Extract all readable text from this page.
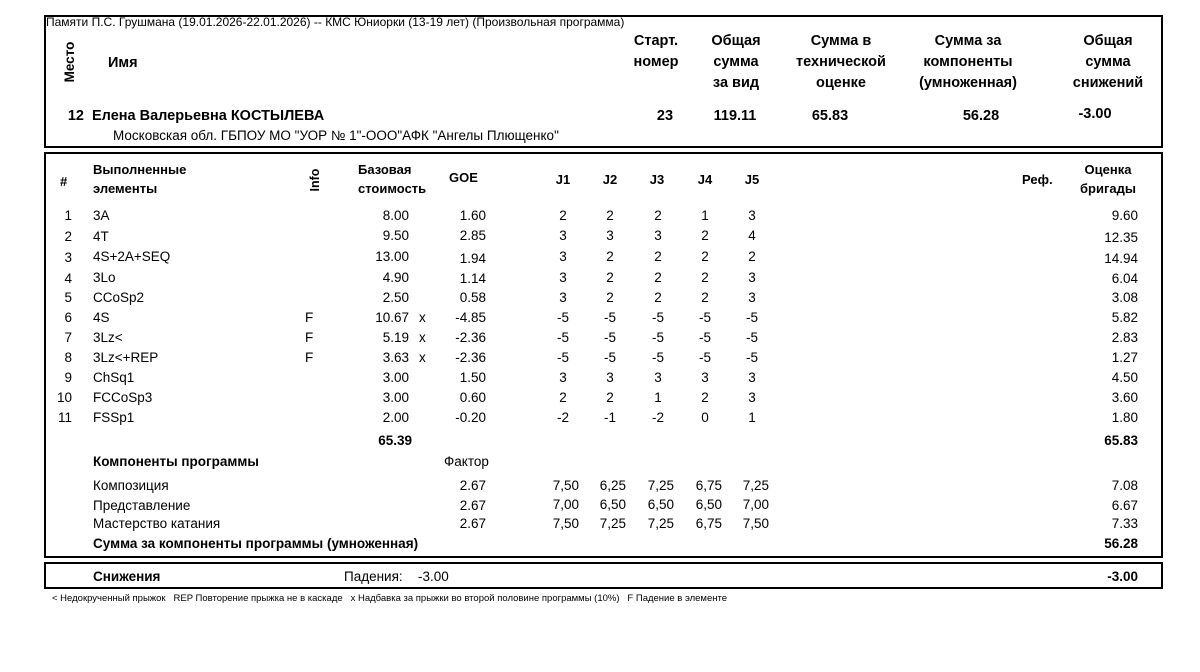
Памяти П.С. Грушмана (19.01.2026-22.01.2026) -- КМС Юниорки (13-19 лет) (Произвольная программа)
Место	Имя
Старт.
номер
Общая
сумма
за вид
Сумма в
технической
оценке
Сумма за
компоненты
(умноженная)
Общая
сумма
снижений
12 Елена Валерьевна КОСТЫЛЕВА
Московская обл. ГБПОУ МО "УОР № 1"-ООО"АФК "Ангелы Плющенко"
23	119.11	65.83	56.28	-3.00
#
Выполненные
элементы	Info	Базовая
стоимость
GOE	J1	J2	J3	J4	J5	Реф.
Оценка
бригады
1 3A	8.00	1.60	2	2	2	1	3	9.60
2 4T	9.50	2.85	3	3	3	2	4	12.35
3 4S+2A+SEQ	13.00	1.94	3	2	2	2	2	14.94
4 3Lo	4.90	1.14	3	2	2	2	3	6.04
5 CCoSp2	2.50	0.58	3	2	2	2	3	3.08
6 4S	F	10.67 x	-4.85	-5	-5	-5	-5	-5	5.82
7 3Lz<	F	5.19 x	-2.36	-5	-5	-5	-5	-5	2.83
8 3Lz<+REP	F	3.63 x	-2.36	-5	-5	-5	-5	-5	1.27
9 ChSq1	3.00	1.50	3	3	3	3	3	4.50
10 FCCoSp3	3.00	0.60	2	2	1	2	3	3.60
11 FSSp1	2.00	-0.20	-2	-1	-2	0	1	1.80
65.39	65.83
Компоненты программы	Фактор
Композиция	2.67	7,50	6,25	7,25	6,75	7,25	7.08
Представление	2.67	7,00	6,50	6,50	6,50	7,00	6.67
Мастерство катания	2.67	7,50	7,25	7,25	6,75	7,50	7.33
Сумма за компоненты программы (умноженная)	56.28
Снижения	Падения: -3.00	-3.00
< Недокрученный прыжок   REP Повторение прыжка не в каскаде   x Надбавка за прыжки во второй половине программы (10%)   F Падение в элементе
